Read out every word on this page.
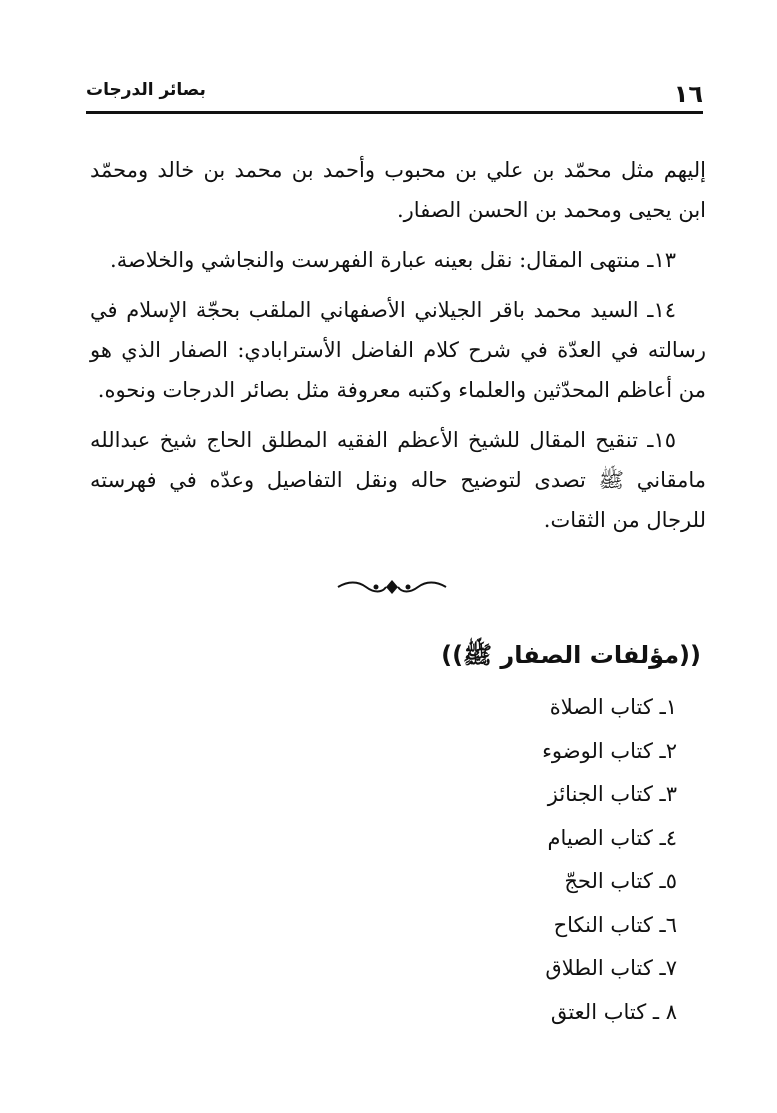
١٦
بصائر الدرجات

إليهم مثل محمّد بن علي بن محبوب وأحمد بن محمد بن خالد ومحمّد ابن يحيى ومحمد بن الحسن الصفار.

١٣ـ منتهى المقال: نقل بعينه عبارة الفهرست والنجاشي والخلاصة.

١٤ـ السيد محمد باقر الجيلاني الأصفهاني الملقب بحجّة الإسلام في رسالته في العدّة في شرح كلام الفاضل الأسترابادي: الصفار الذي هو من أعاظم المحدّثين والعلماء وكتبه معروفة مثل بصائر الدرجات ونحوه.

١٥ـ تنقيح المقال للشيخ الأعظم الفقيه المطلق الحاج شيخ عبدالله مامقاني ﷺ تصدى لتوضيح حاله ونقل التفاصيل وعدّه في فهرسته للرجال من الثقات.

((مؤلفات الصفار ﷺ))
١ـ كتاب الصلاة
٢ـ كتاب الوضوء
٣ـ كتاب الجنائز
٤ـ كتاب الصيام
٥ـ كتاب الحجّ
٦ـ كتاب النكاح
٧ـ كتاب الطلاق
٨ ـ كتاب العتق
